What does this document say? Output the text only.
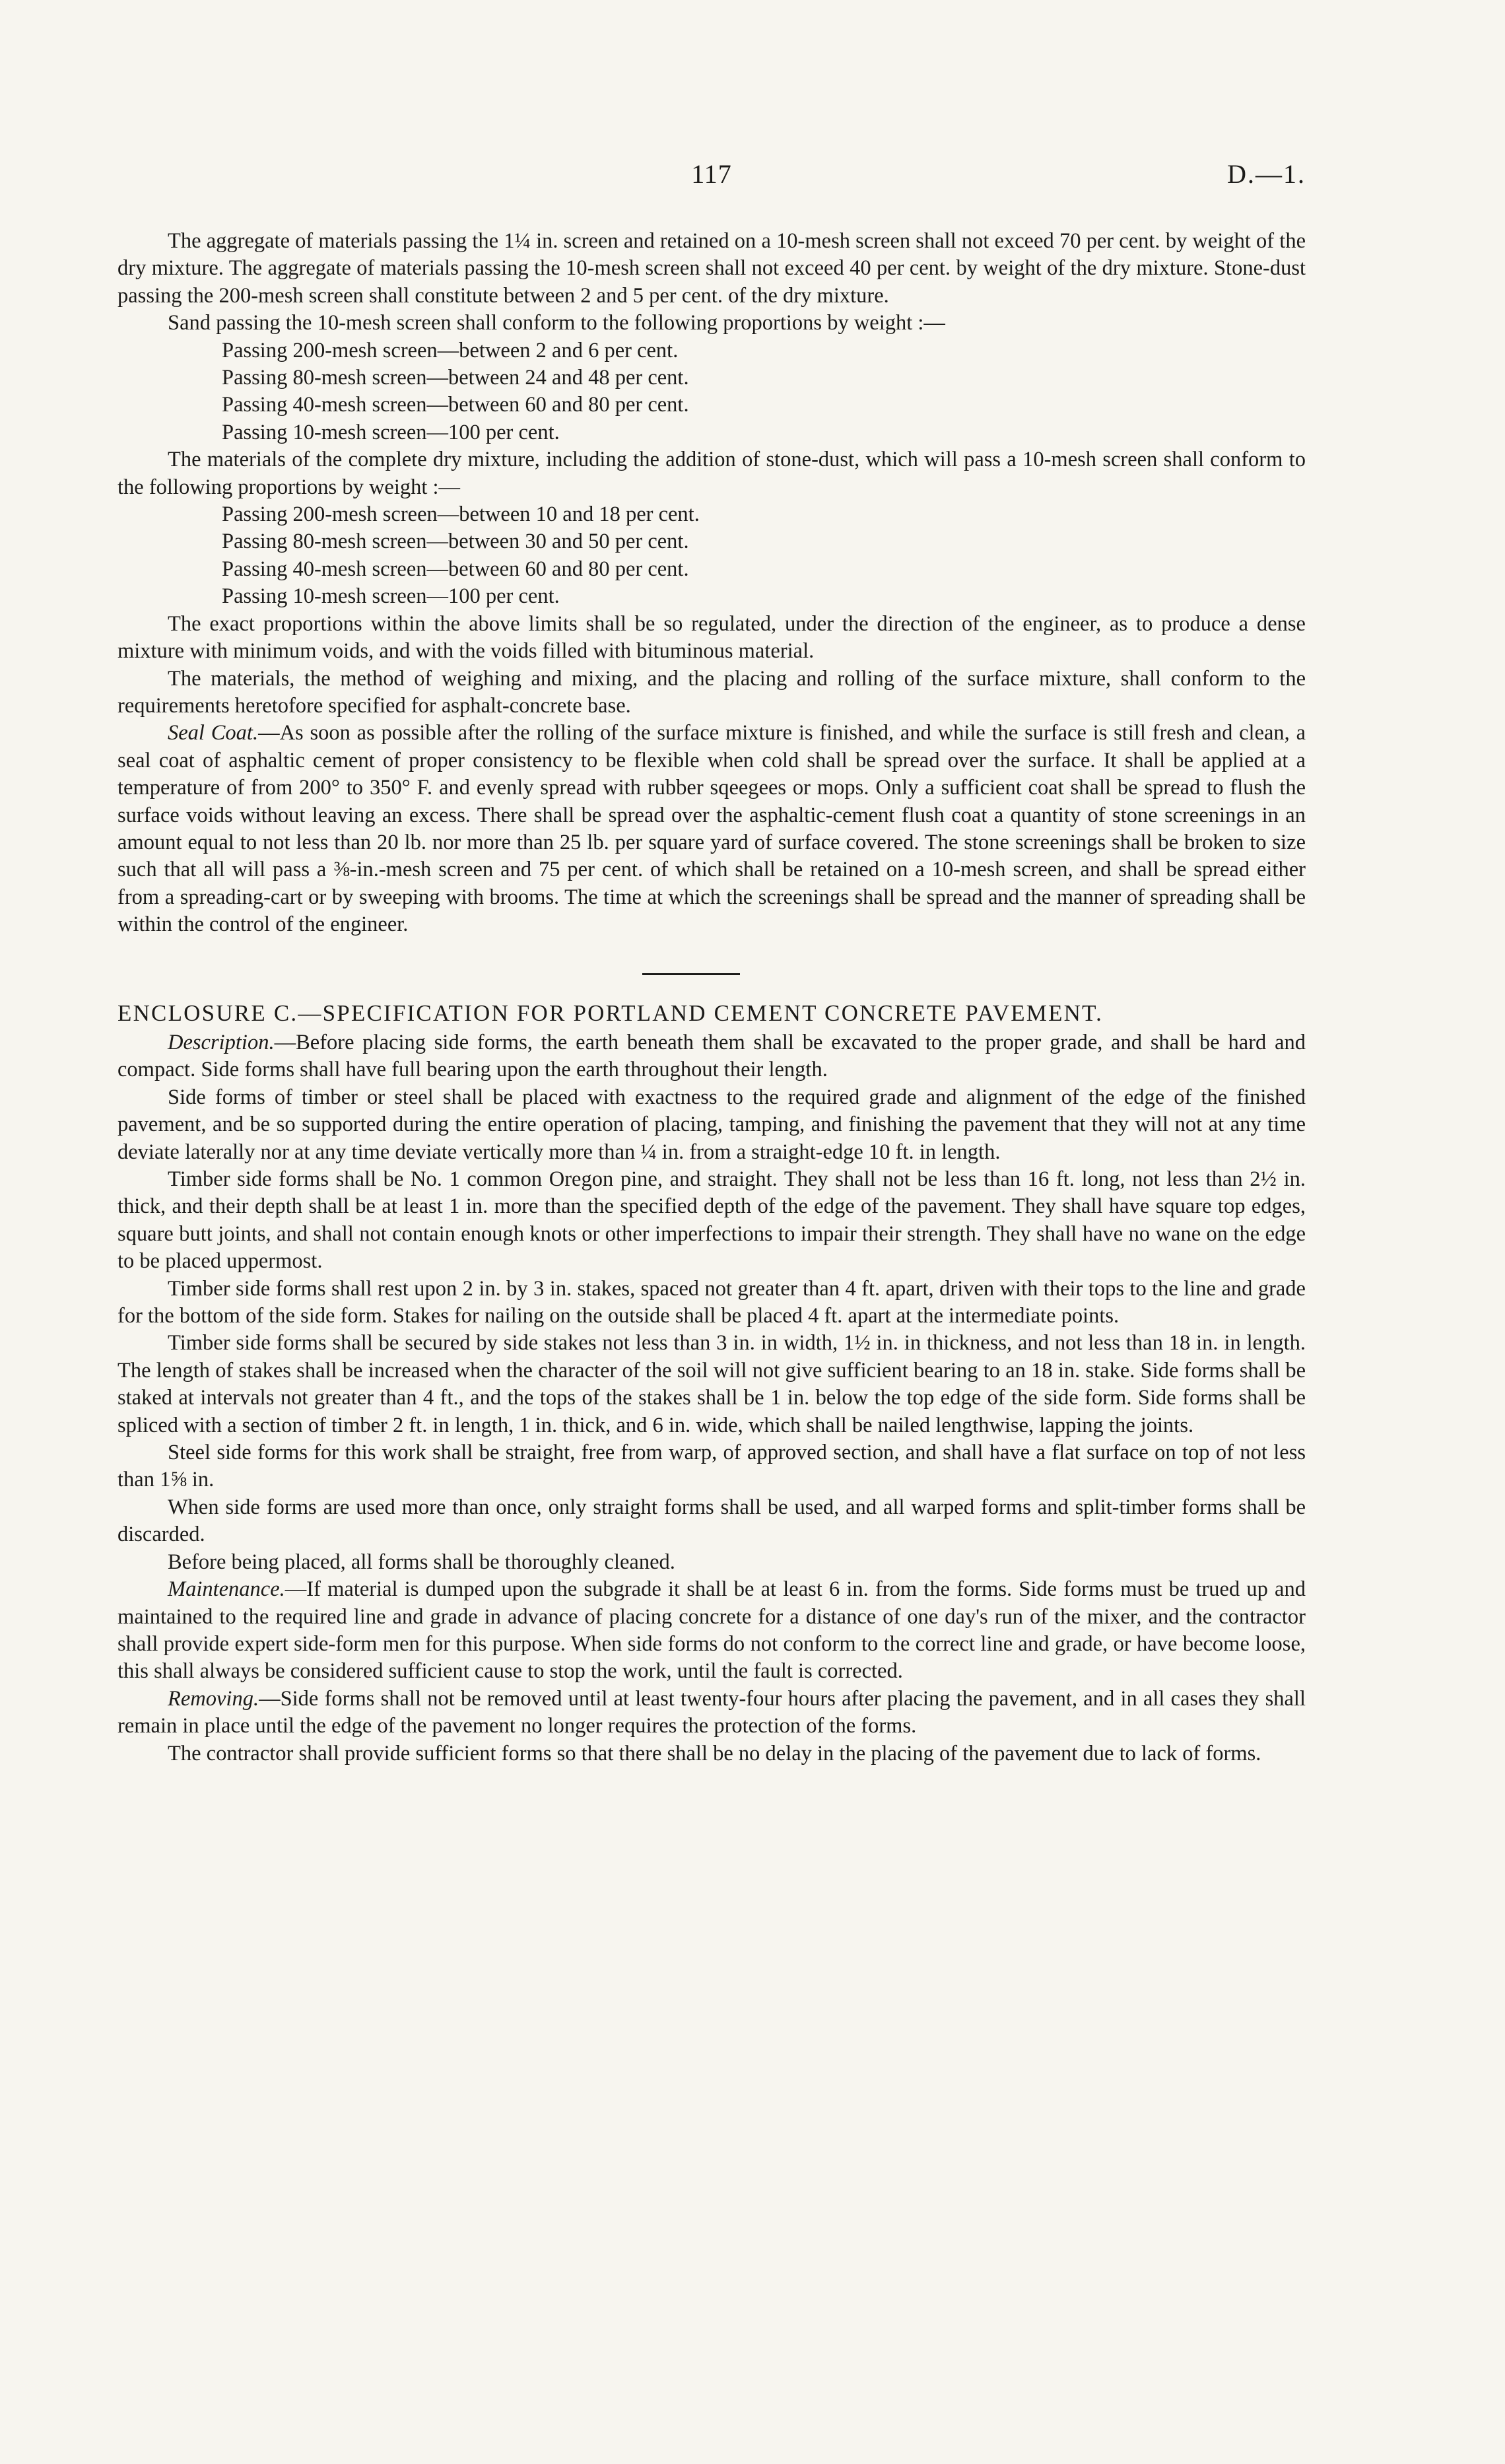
117	D.—1.

The aggregate of materials passing the 1¼ in. screen and retained on a 10-mesh screen shall not exceed 70 per cent. by weight of the dry mixture. The aggregate of materials passing the 10-mesh screen shall not exceed 40 per cent. by weight of the dry mixture. Stone-dust passing the 200-mesh screen shall constitute between 2 and 5 per cent. of the dry mixture.

Sand passing the 10-mesh screen shall conform to the following proportions by weight :—

Passing 200-mesh screen—between 2 and 6 per cent.
Passing 80-mesh screen—between 24 and 48 per cent.
Passing 40-mesh screen—between 60 and 80 per cent.
Passing 10-mesh screen—100 per cent.

The materials of the complete dry mixture, including the addition of stone-dust, which will pass a 10-mesh screen shall conform to the following proportions by weight :—

Passing 200-mesh screen—between 10 and 18 per cent.
Passing 80-mesh screen—between 30 and 50 per cent.
Passing 40-mesh screen—between 60 and 80 per cent.
Passing 10-mesh screen—100 per cent.

The exact proportions within the above limits shall be so regulated, under the direction of the engineer, as to produce a dense mixture with minimum voids, and with the voids filled with bituminous material.

The materials, the method of weighing and mixing, and the placing and rolling of the surface mixture, shall conform to the requirements heretofore specified for asphalt-concrete base.

Seal Coat.—As soon as possible after the rolling of the surface mixture is finished, and while the surface is still fresh and clean, a seal coat of asphaltic cement of proper consistency to be flexible when cold shall be spread over the surface. It shall be applied at a temperature of from 200° to 350° F. and evenly spread with rubber sqeegees or mops. Only a sufficient coat shall be spread to flush the surface voids without leaving an excess. There shall be spread over the asphaltic-cement flush coat a quantity of stone screenings in an amount equal to not less than 20 lb. nor more than 25 lb. per square yard of surface covered. The stone screenings shall be broken to size such that all will pass a ⅜-in.-mesh screen and 75 per cent. of which shall be retained on a 10-mesh screen, and shall be spread either from a spreading-cart or by sweeping with brooms. The time at which the screenings shall be spread and the manner of spreading shall be within the control of the engineer.

ENCLOSURE C.—SPECIFICATION FOR PORTLAND CEMENT CONCRETE PAVEMENT.

Description.—Before placing side forms, the earth beneath them shall be excavated to the proper grade, and shall be hard and compact. Side forms shall have full bearing upon the earth throughout their length.

Side forms of timber or steel shall be placed with exactness to the required grade and alignment of the edge of the finished pavement, and be so supported during the entire operation of placing, tamping, and finishing the pavement that they will not at any time deviate laterally nor at any time deviate vertically more than ¼ in. from a straight-edge 10 ft. in length.

Timber side forms shall be No. 1 common Oregon pine, and straight. They shall not be less than 16 ft. long, not less than 2½ in. thick, and their depth shall be at least 1 in. more than the specified depth of the edge of the pavement. They shall have square top edges, square butt joints, and shall not contain enough knots or other imperfections to impair their strength. They shall have no wane on the edge to be placed uppermost.

Timber side forms shall rest upon 2 in. by 3 in. stakes, spaced not greater than 4 ft. apart, driven with their tops to the line and grade for the bottom of the side form. Stakes for nailing on the outside shall be placed 4 ft. apart at the intermediate points.

Timber side forms shall be secured by side stakes not less than 3 in. in width, 1½ in. in thickness, and not less than 18 in. in length. The length of stakes shall be increased when the character of the soil will not give sufficient bearing to an 18 in. stake. Side forms shall be staked at intervals not greater than 4 ft., and the tops of the stakes shall be 1 in. below the top edge of the side form. Side forms shall be spliced with a section of timber 2 ft. in length, 1 in. thick, and 6 in. wide, which shall be nailed lengthwise, lapping the joints.

Steel side forms for this work shall be straight, free from warp, of approved section, and shall have a flat surface on top of not less than 1⅝ in.

When side forms are used more than once, only straight forms shall be used, and all warped forms and split-timber forms shall be discarded.

Before being placed, all forms shall be thoroughly cleaned.

Maintenance.—If material is dumped upon the subgrade it shall be at least 6 in. from the forms. Side forms must be trued up and maintained to the required line and grade in advance of placing concrete for a distance of one day's run of the mixer, and the contractor shall provide expert side-form men for this purpose. When side forms do not conform to the correct line and grade, or have become loose, this shall always be considered sufficient cause to stop the work, until the fault is corrected.

Removing.—Side forms shall not be removed until at least twenty-four hours after placing the pavement, and in all cases they shall remain in place until the edge of the pavement no longer requires the protection of the forms.

The contractor shall provide sufficient forms so that there shall be no delay in the placing of the pavement due to lack of forms.
